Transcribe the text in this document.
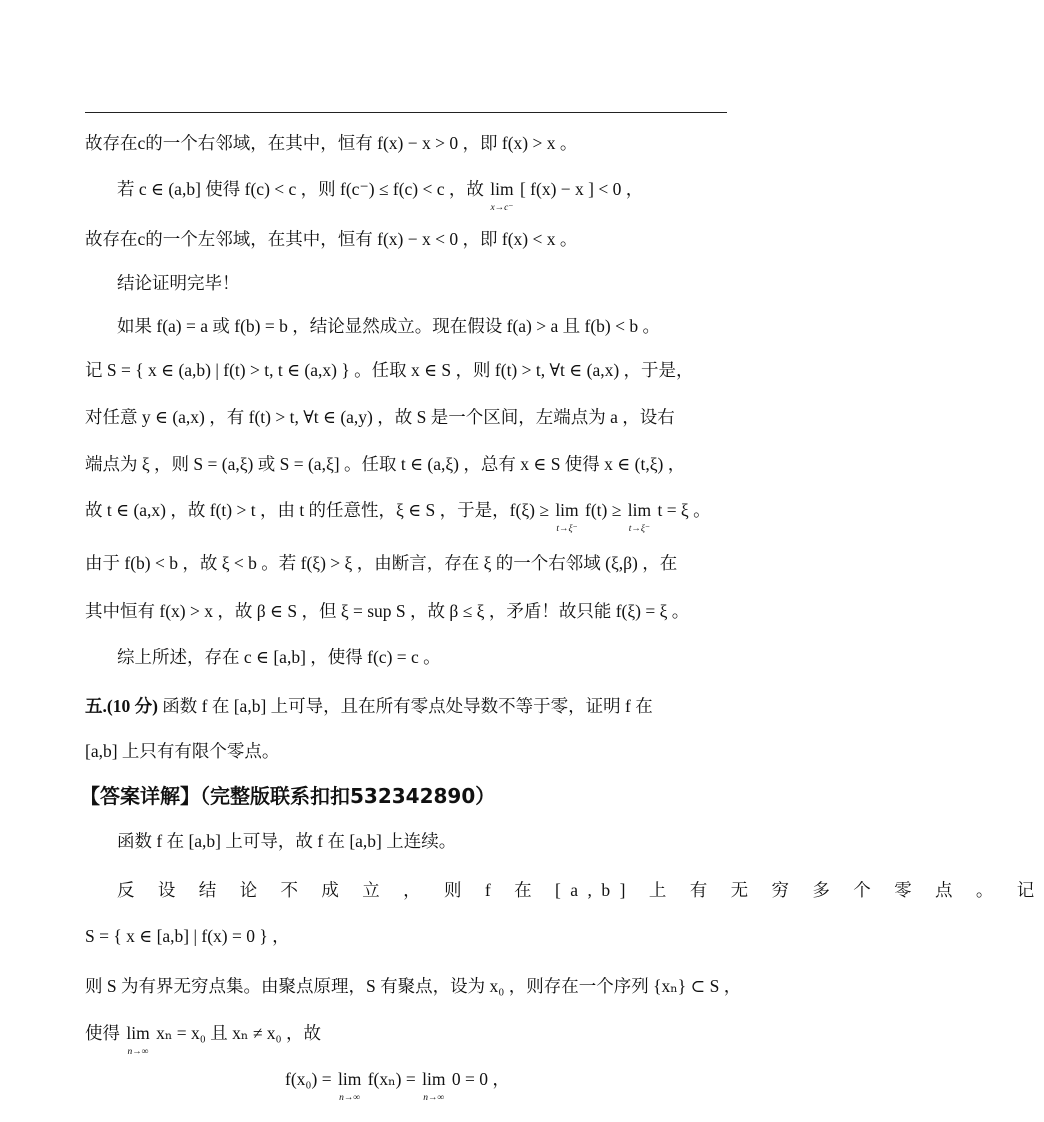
故存在c的一个右邻域，在其中，恒有 f(x) − x > 0 ，即 f(x) > x 。
若 c ∈ (a,b] 使得 f(c) < c ，则 f(c⁻) ≤ f(c) < c ，故 lim
x→c⁻
[ f(x) − x ] < 0 ，
故存在c的一个左邻域，在其中，恒有 f(x) − x < 0 ，即 f(x) < x 。
结论证明完毕！
如果 f(a) = a 或 f(b) = b ，结论显然成立。现在假设 f(a) > a 且 f(b) < b 。
记 S = { x ∈ (a,b) | f(t) > t, t ∈ (a,x) } 。任取 x ∈ S ，则 f(t) > t, ∀t ∈ (a,x) ，于是，
对任意 y ∈ (a,x) ，有 f(t) > t, ∀t ∈ (a,y) ，故 S 是一个区间，左端点为 a ，设右
端点为 ξ ，则 S = (a,ξ) 或 S = (a,ξ] 。任取 t ∈ (a,ξ) ，总有 x ∈ S 使得 x ∈ (t,ξ) ，
故 t ∈ (a,x) ，故 f(t) > t ，由 t 的任意性，ξ ∈ S ，于是，f(ξ) ≥ lim
t→ξ⁻
f(t) ≥ lim
t→ξ⁻
t = ξ 。
由于 f(b) < b ，故 ξ < b 。若 f(ξ) > ξ ，由断言，存在 ξ 的一个右邻域 (ξ,β) ，在
其中恒有 f(x) > x ，故 β ∈ S ，但 ξ = sup S ，故 β ≤ ξ ，矛盾！故只能 f(ξ) = ξ 。
综上所述，存在 c ∈ [a,b] ，使得 f(c) = c 。
五.(10 分) 函数 f 在 [a,b] 上可导，且在所有零点处导数不等于零，证明 f 在
[a,b] 上只有有限个零点。
【答案详解】（完整版联系扣扣532342890）
函数 f 在 [a,b] 上可导，故 f 在 [a,b] 上连续。
反 设 结 论 不 成 立 ， 则 f 在 [a,b] 上 有 无 穷 多 个 零 点 。 记
S = { x ∈ [a,b] | f(x) = 0 } ，
则 S 为有界无穷点集。由聚点原理，S 有聚点，设为 x₀ ，则存在一个序列 {xₙ} ⊂ S ，
使得 lim
n→∞
xₙ = x₀ 且 xₙ ≠ x₀ ，故
f(x₀) = lim
n→∞
f(xₙ) = lim
n→∞
0 = 0 ，
